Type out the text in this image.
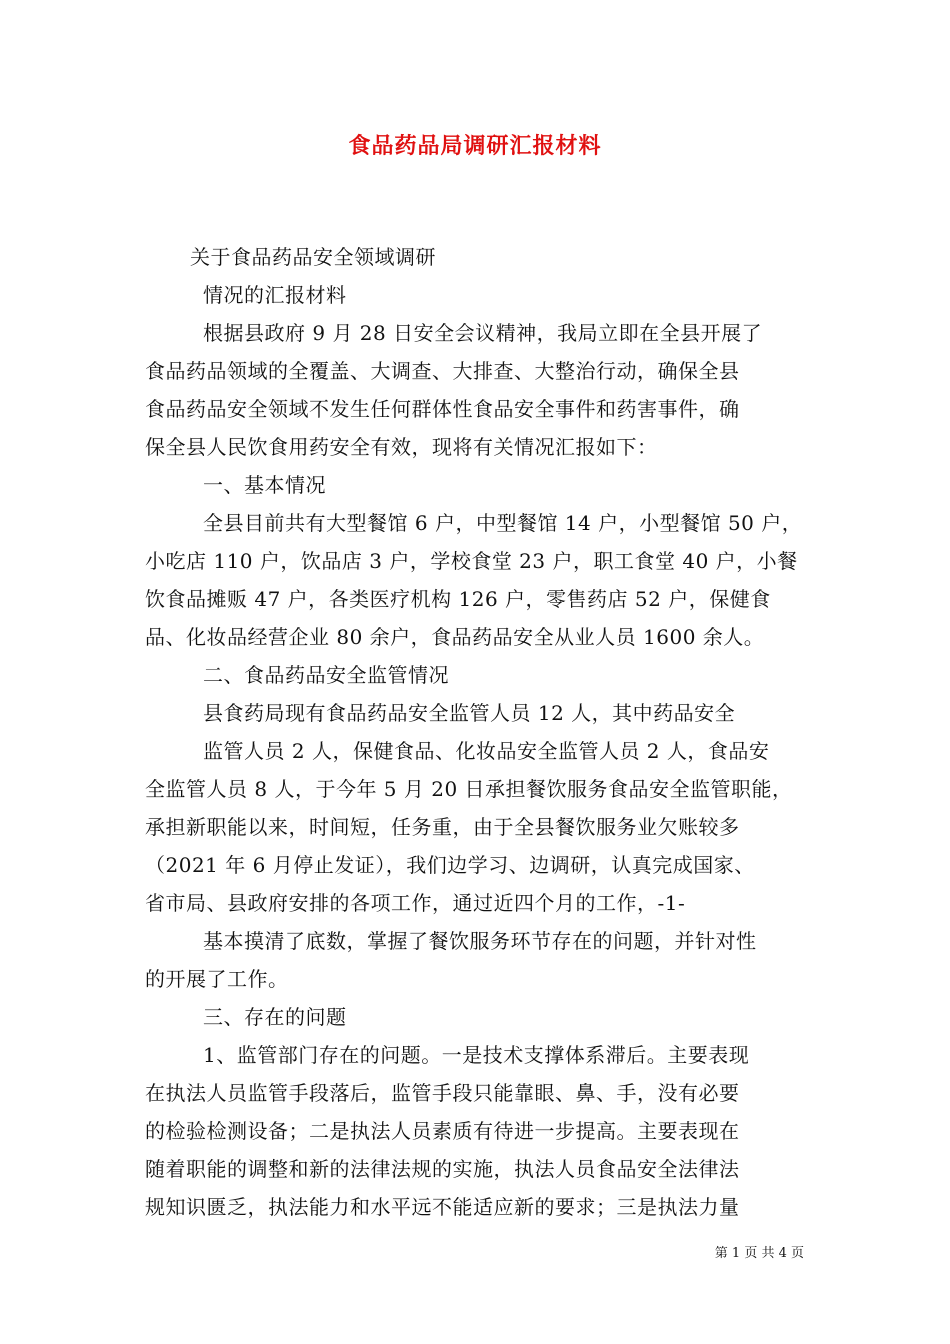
食品药品局调研汇报材料
关于食品药品安全领域调研
情况的汇报材料
根据县政府 9 月 28 日安全会议精神，我局立即在全县开展了
食品药品领域的全覆盖、大调查、大排查、大整治行动，确保全县
食品药品安全领域不发生任何群体性食品安全事件和药害事件，确
保全县人民饮食用药安全有效，现将有关情况汇报如下：
一、基本情况
全县目前共有大型餐馆 6 户，中型餐馆 14 户，小型餐馆 50 户，
小吃店 110 户，饮品店 3 户，学校食堂 23 户，职工食堂 40 户，小餐
饮食品摊贩 47 户，各类医疗机构 126 户，零售药店 52 户，保健食
品、化妆品经营企业 80 余户，食品药品安全从业人员 1600 余人。
二、食品药品安全监管情况
县食药局现有食品药品安全监管人员 12 人，其中药品安全
监管人员 2 人，保健食品、化妆品安全监管人员 2 人，食品安
全监管人员 8 人，于今年 5 月 20 日承担餐饮服务食品安全监管职能，
承担新职能以来，时间短，任务重，由于全县餐饮服务业欠账较多
（2021 年 6 月停止发证），我们边学习、边调研，认真完成国家、
省市局、县政府安排的各项工作，通过近四个月的工作，-1-
基本摸清了底数，掌握了餐饮服务环节存在的问题，并针对性
的开展了工作。
三、存在的问题
1、监管部门存在的问题。一是技术支撑体系滞后。主要表现
在执法人员监管手段落后，监管手段只能靠眼、鼻、手，没有必要
的检验检测设备；二是执法人员素质有待进一步提高。主要表现在
随着职能的调整和新的法律法规的实施，执法人员食品安全法律法
规知识匮乏，执法能力和水平远不能适应新的要求；三是执法力量
第 1 页 共 4 页
